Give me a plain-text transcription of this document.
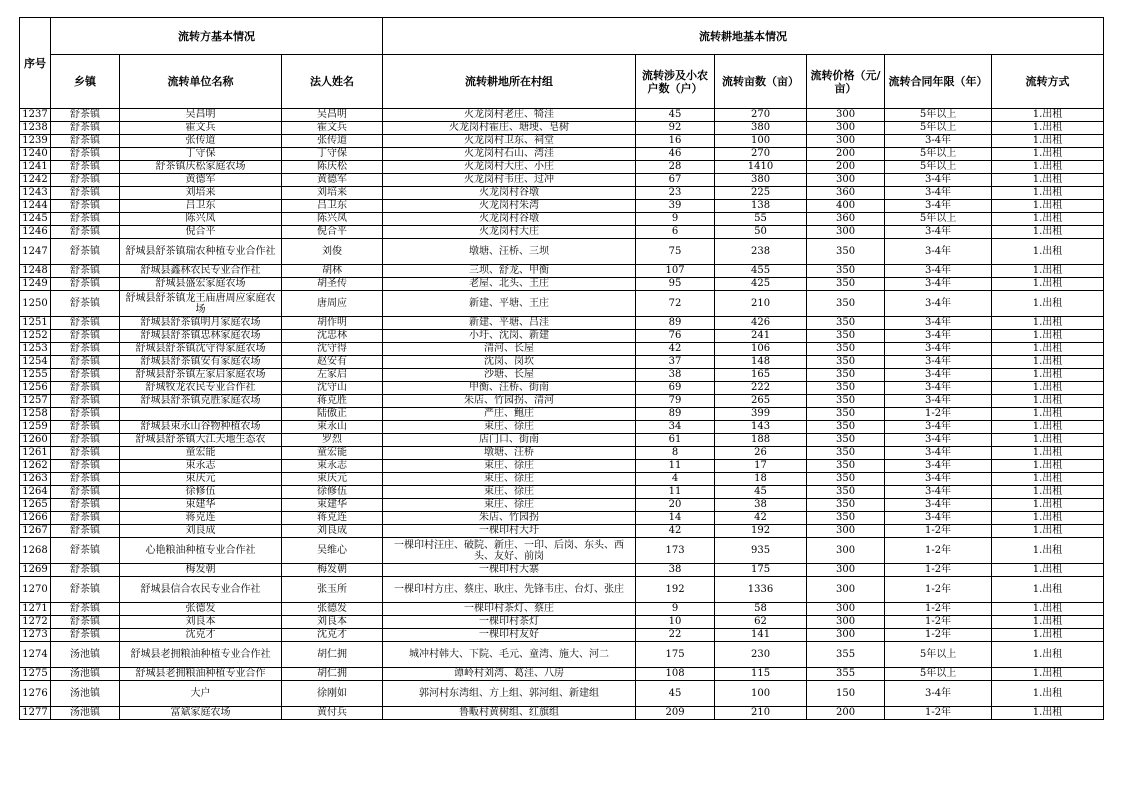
序号	流转方基本情况			流转耕地基本情况					
	乡镇	流转单位名称	法人姓名	流转耕地所在村组	流转涉及小农户数（户）	流转亩数（亩）	流转价格（元/亩）	流转合同年限（年）	流转方式
1237	舒茶镇	吴昌明	吴昌明	火龙岗村老庄、犄洼	45	270	300	5年以上	1.出租
1238	舒茶镇	霍文兵	霍文兵	火龙岗村霍庄、塘埂、皂树	92	380	300	5年以上	1.出租
1239	舒茶镇	张传道	张传道	火龙岗村卫东、祠堂	16	100	300	3-4年	1.出租
1240	舒茶镇	丁守保	丁守保	火龙岗村石山、湾洼	46	270	200	5年以上	1.出租
1241	舒茶镇	舒茶镇庆松家庭农场	陈庆松	火龙岗村大庄、小庄	28	1410	200	5年以上	1.出租
1242	舒茶镇	黄德军	黄德军	火龙岗村韦庄、过冲	67	380	300	3-4年	1.出租
1243	舒茶镇	刘培来	刘培来	火龙岗村谷墩	23	225	360	3-4年	1.出租
1244	舒茶镇	吕卫东	吕卫东	火龙岗村朱湾	39	138	400	3-4年	1.出租
1245	舒茶镇	陈兴凤	陈兴凤	火龙岗村谷墩	9	55	360	5年以上	1.出租
1246	舒茶镇	倪合平	倪合平	火龙岗村大庄	6	50	300	3-4年	1.出租
1247	舒茶镇	舒城县舒茶镇瑞农种植专业合作社	刘俊	墩塘、汪桥、三坝	75	238	350	3-4年	1.出租
1248	舒茶镇	舒城县鑫林农民专业合作社	胡林	三坝、舒龙、甲衡	107	455	350	3-4年	1.出租
1249	舒茶镇	舒城县盛宏家庭农场	胡圣传	老屋、北头、王庄	95	425	350	3-4年	1.出租
1250	舒茶镇	舒城县舒茶镇龙王庙唐周应家庭农场	唐周应	新建、平塘、王庄	72	210	350	3-4年	1.出租
1251	舒茶镇	舒城县舒茶镇明月家庭农场	胡作明	新建、平塘、吕洼	89	426	350	3-4年	1.出租
1252	舒茶镇	舒城县舒茶镇忠林家庭农场	沈忠林	小圩、沈岗、新建	76	241	350	3-4年	1.出租
1253	舒茶镇	舒城县舒茶镇沈守得家庭农场	沈守得	清河、长屋	42	106	350	3-4年	1.出租
1254	舒茶镇	舒城县舒茶镇安有家庭农场	赵安有	沈岗、岗坎	37	148	350	3-4年	1.出租
1255	舒茶镇	舒城县舒茶镇左家启家庭农场	左家启	沙塘、长屋	38	165	350	3-4年	1.出租
1256	舒茶镇	舒城牧龙农民专业合作社	沈守山	甲衡、汪桥、街南	69	222	350	3-4年	1.出租
1257	舒茶镇	舒城县舒茶镇克胜家庭农场	蒋克胜	朱店、竹园拐、清河	79	265	350	3-4年	1.出租
1258	舒茶镇		陆傲正	严庄、鲍庄	89	399	350	1-2年	1.出租
1259	舒茶镇	舒城县束永山谷物种植农场	束永山	束庄、徐庄	34	143	350	3-4年	1.出租
1260	舒茶镇	舒城县舒茶镇大江天地生态农	罗烈	店门口、街南	61	188	350	3-4年	1.出租
1261	舒茶镇	童宏能	童宏能	墩塘、汪桥	8	26	350	3-4年	1.出租
1262	舒茶镇	束永志	束永志	束庄、徐庄	11	17	350	3-4年	1.出租
1263	舒茶镇	束庆元	束庆元	束庄、徐庄	4	18	350	3-4年	1.出租
1264	舒茶镇	徐修伍	徐修伍	束庄、徐庄	11	45	350	3-4年	1.出租
1265	舒茶镇	束建华	束建华	束庄、徐庄	20	38	350	3-4年	1.出租
1266	舒茶镇	蒋克连	蒋克连	朱店、竹园拐	14	42	350	3-4年	1.出租
1267	舒茶镇	刘良成	刘良成	一棵印村大圩	42	192	300	1-2年	1.出租
1268	舒茶镇	心艳粮油种植专业合作社	吴维心	一棵印村汪庄、破院、新庄、一印、后岗、东头、西头、友好、前岗	173	935	300	1-2年	1.出租
1269	舒茶镇	梅发朝	梅发朝	一棵印村大寨	38	175	300	1-2年	1.出租
1270	舒茶镇	舒城县信合农民专业合作社	张玉所	一棵印村方庄、蔡庄、耿庄、先锋韦庄、台灯、张庄	192	1336	300	1-2年	1.出租
1271	舒茶镇	张德发	张德发	一棵印村茶灯、蔡庄	9	58	300	1-2年	1.出租
1272	舒茶镇	刘良本	刘良本	一棵印村茶灯	10	62	300	1-2年	1.出租
1273	舒茶镇	沈克才	沈克才	一棵印村友好	22	141	300	1-2年	1.出租
1274	汤池镇	舒城县老拥粮油种植专业合作社	胡仁拥	城冲村韩大、下院、毛元、童湾、施大、河二	175	230	355	5年以上	1.出租
1275	汤池镇	舒城县老拥粮油种植专业合作	胡仁拥	谭岭村刘湾、葛洼、八房	108	115	355	5年以上	1.出租
1276	汤池镇	大户	徐刚如	郭河村东湾组、方上组、郭河组、新建组	45	100	150	3-4年	1.出租
1277	汤池镇	富斌家庭农场	黄付兵	鲁畈村黄树组、红旗组	209	210	200	1-2年	1.出租
